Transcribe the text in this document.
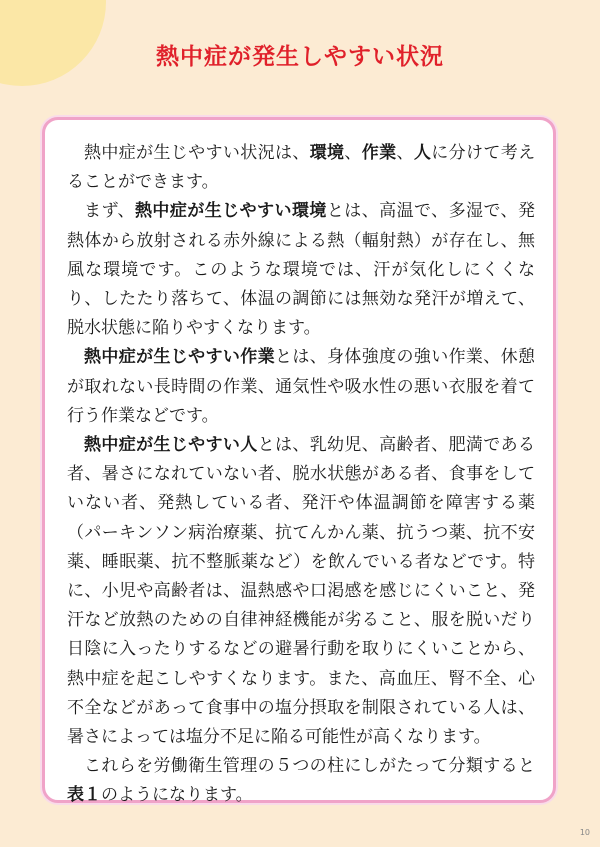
熱中症が発生しやすい状況

熱中症が生じやすい状況は、環境、作業、人に分けて考えることができます。

まず、熱中症が生じやすい環境とは、高温で、多湿で、発熱体から放射される赤外線による熱（輻射熱）が存在し、無風な環境です。このような環境では、汗が気化しにくくなり、したたり落ちて、体温の調節には無効な発汗が増えて、脱水状態に陥りやすくなります。

熱中症が生じやすい作業とは、身体強度の強い作業、休憩が取れない長時間の作業、通気性や吸水性の悪い衣服を着て行う作業などです。

熱中症が生じやすい人とは、乳幼児、高齢者、肥満である者、暑さになれていない者、脱水状態がある者、食事をしていない者、発熱している者、発汗や体温調節を障害する薬（パーキンソン病治療薬、抗てんかん薬、抗うつ薬、抗不安薬、睡眠薬、抗不整脈薬など）を飲んでいる者などです。特に、小児や高齢者は、温熱感や口渇感を感じにくいこと、発汗など放熱のための自律神経機能が劣ること、服を脱いだり日陰に入ったりするなどの避暑行動を取りにくいことから、熱中症を起こしやすくなります。また、高血圧、腎不全、心不全などがあって食事中の塩分摂取を制限されている人は、暑さによっては塩分不足に陥る可能性が高くなります。

これらを労働衛生管理の５つの柱にしがたって分類すると表１のようになります。

10
